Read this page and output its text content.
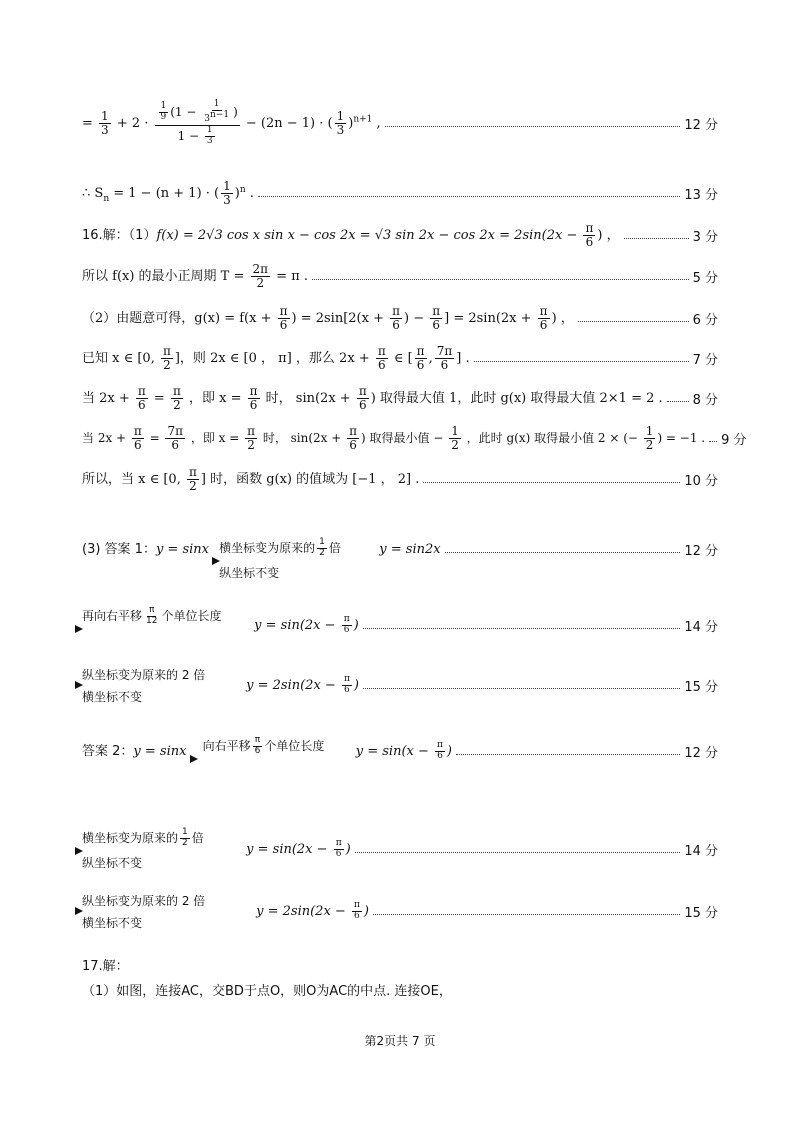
= $\frac{1}{3} + 2 \cdot \frac{\frac{1}{9} (1 - \frac{1}{3^{n-1}} )}{1 - \frac{1}{3}} - (2n - 1)$ · ( $\frac{1}{3} )^{n+1}$ ,	12 分
∴ $S_n = 1 - (n + 1)$ · ( $\frac{1}{3} )^n$ .	13 分
16.解：（1）f(x) = 2√3 cos x sin x − cos 2x = √3 $\sin 2x - \cos 2x = 2\sin(2x - \frac{\pi}{6}$ ) ，	3 分
所以 f(x) 的最小正周期 $T = \frac{2\pi}{2} = \pi$ .	5 分
（2）由题意可得，$g(x) = f(x + \frac{\pi}{6}$ ) = $2\sin[2(x + \frac{\pi}{6}$ ) − $\frac{\pi}{6}$ ] = $2\sin(2x + \frac{\pi}{6}$ ) ，	6 分
已知 x ∈ [0, $\frac{\pi}{2}$ ]，则 2x ∈ [0 ， π] ，那么 $2x + \frac{\pi}{6}$ ∈ [ $\frac{\pi}{6}$ , $\frac{7\pi}{6}$ ] .	7 分
当 $2x + \frac{\pi}{6} = \frac{\pi}{2}$ ，即 $x = \frac{\pi}{6}$ 时， $\sin(2x + \frac{\pi}{6}$ ) 取得最大值 1，此时 g(x) 取得最大值 2×1 = 2 . 8 分
当 $2x + \frac{\pi}{6} = \frac{7\pi}{6}$ ，即 $x = \frac{\pi}{2}$ 时， $\sin(2x + \frac{\pi}{6}$ ) 取得最小值 − $\frac{1}{2}$ ，此时 g(x) 取得最小值 2 × (− $\frac{1}{2}$ ) = −1 . 9 分
所以，当 x ∈ [0, $\frac{\pi}{2}$ ] 时，函数 g(x) 的值域为 [−1 ， 2] .	10 分
(3) 答案 1：y = sinx 横坐标变为原来的 $\frac{1}{2}$ 倍
纵坐标不变
y = sin2x	12 分
再向右平移 $\frac{\pi}{12}$ 个单位长度
$y = \sin(2x - \frac{\pi}{6}$ )	14 分
纵坐标变为原来的 2 倍
横坐标不变
$y = 2\sin(2x - \frac{\pi}{6}$ )	15 分
答案 2：y = sinx	向右平移 $\frac{\pi}{6}$ 个单位长度	$y = \sin(x - \frac{\pi}{6}$ )	12 分
横坐标变为原来的 $\frac{1}{2}$ 倍
纵坐标不变
$y = \sin(2x - \frac{\pi}{6}$ )	14 分
纵坐标变为原来的 2 倍
横坐标不变
$y = 2\sin(2x - \frac{\pi}{6}$ )	15 分
17.解：
（1）如图，连接AC，交BD于点O，则O为AC的中点. 连接OE，
第2页共 7 页
